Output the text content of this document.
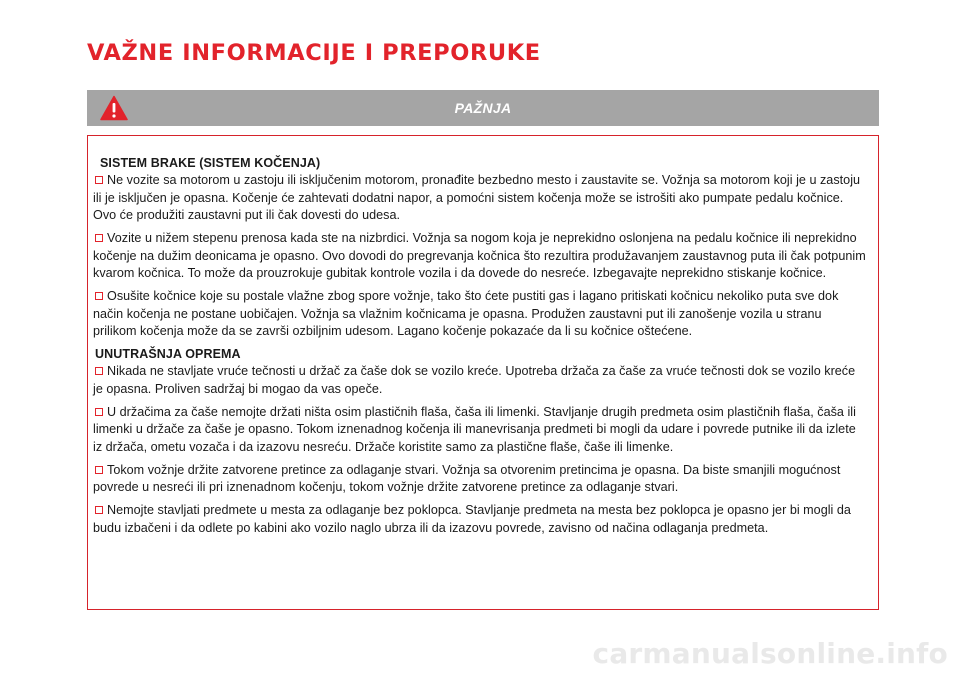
VAŽNE INFORMACIJE I PREPORUKE
PAŽNJA
SISTEM BRAKE (SISTEM KOČENJA)

Ne vozite sa motorom u zastoju ili isključenim motorom, pronađite bezbedno mesto i zaustavite se. Vožnja sa motorom koji je u zastoju ili je isključen je opasna. Kočenje će zahtevati dodatni napor, a pomoćni sistem kočenja može se istrošiti ako pumpate pedalu kočnice. Ovo će produžiti zaustavni put ili čak dovesti do udesa.

Vozite u nižem stepenu prenosa kada ste na nizbrdici. Vožnja sa nogom koja je neprekidno oslonjena na pedalu kočnice ili neprekidno kočenje na dužim deonicama je opasno. Ovo dovodi do pregrevanja kočnica što rezultira produžavanjem zaustavnog puta ili čak potpunim kvarom kočnica. To može da prouzrokuje gubitak kontrole vozila i da dovede do nesreće. Izbegavajte neprekidno stiskanje kočnice.

Osušite kočnice koje su postale vlažne zbog spore vožnje, tako što ćete pustiti gas i lagano pritiskati kočnicu nekoliko puta sve dok način kočenja ne postane uobičajen. Vožnja sa vlažnim kočnicama je opasna. Produžen zaustavni put ili zanošenje vozila u stranu prilikom kočenja može da se završi ozbiljnim udesom. Lagano kočenje pokazaće da li su kočnice oštećene.

UNUTRAŠNJA OPREMA

Nikada ne stavljate vruće tečnosti u držač za čaše dok se vozilo kreće. Upotreba držača za čaše za vruće tečnosti dok se vozilo kreće je opasna. Proliven sadržaj bi mogao da vas opeče.

U držačima za čaše nemojte držati ništa osim plastičnih flaša, čaša ili limenki. Stavljanje drugih predmeta osim plastičnih flaša, čaša ili limenki u držače za čaše je opasno. Tokom iznenadnog kočenja ili manevrisanja predmeti bi mogli da udare i povrede putnike ili da izlete iz držača, ometu vozača i da izazovu nesreću. Držače koristite samo za plastične flaše, čaše ili limenke.

Tokom vožnje držite zatvorene pretince za odlaganje stvari. Vožnja sa otvorenim pretincima je opasna. Da biste smanjili mogućnost povrede u nesreći ili pri iznenadnom kočenju, tokom vožnje držite zatvorene pretince za odlaganje stvari.

Nemojte stavljati predmete u mesta za odlaganje bez poklopca. Stavljanje predmeta na mesta bez poklopca je opasno jer bi mogli da budu izbačeni i da odlete po kabini ako vozilo naglo ubrza ili da izazovu povrede, zavisno od načina odlaganja predmeta.

carmanualsonline.info
